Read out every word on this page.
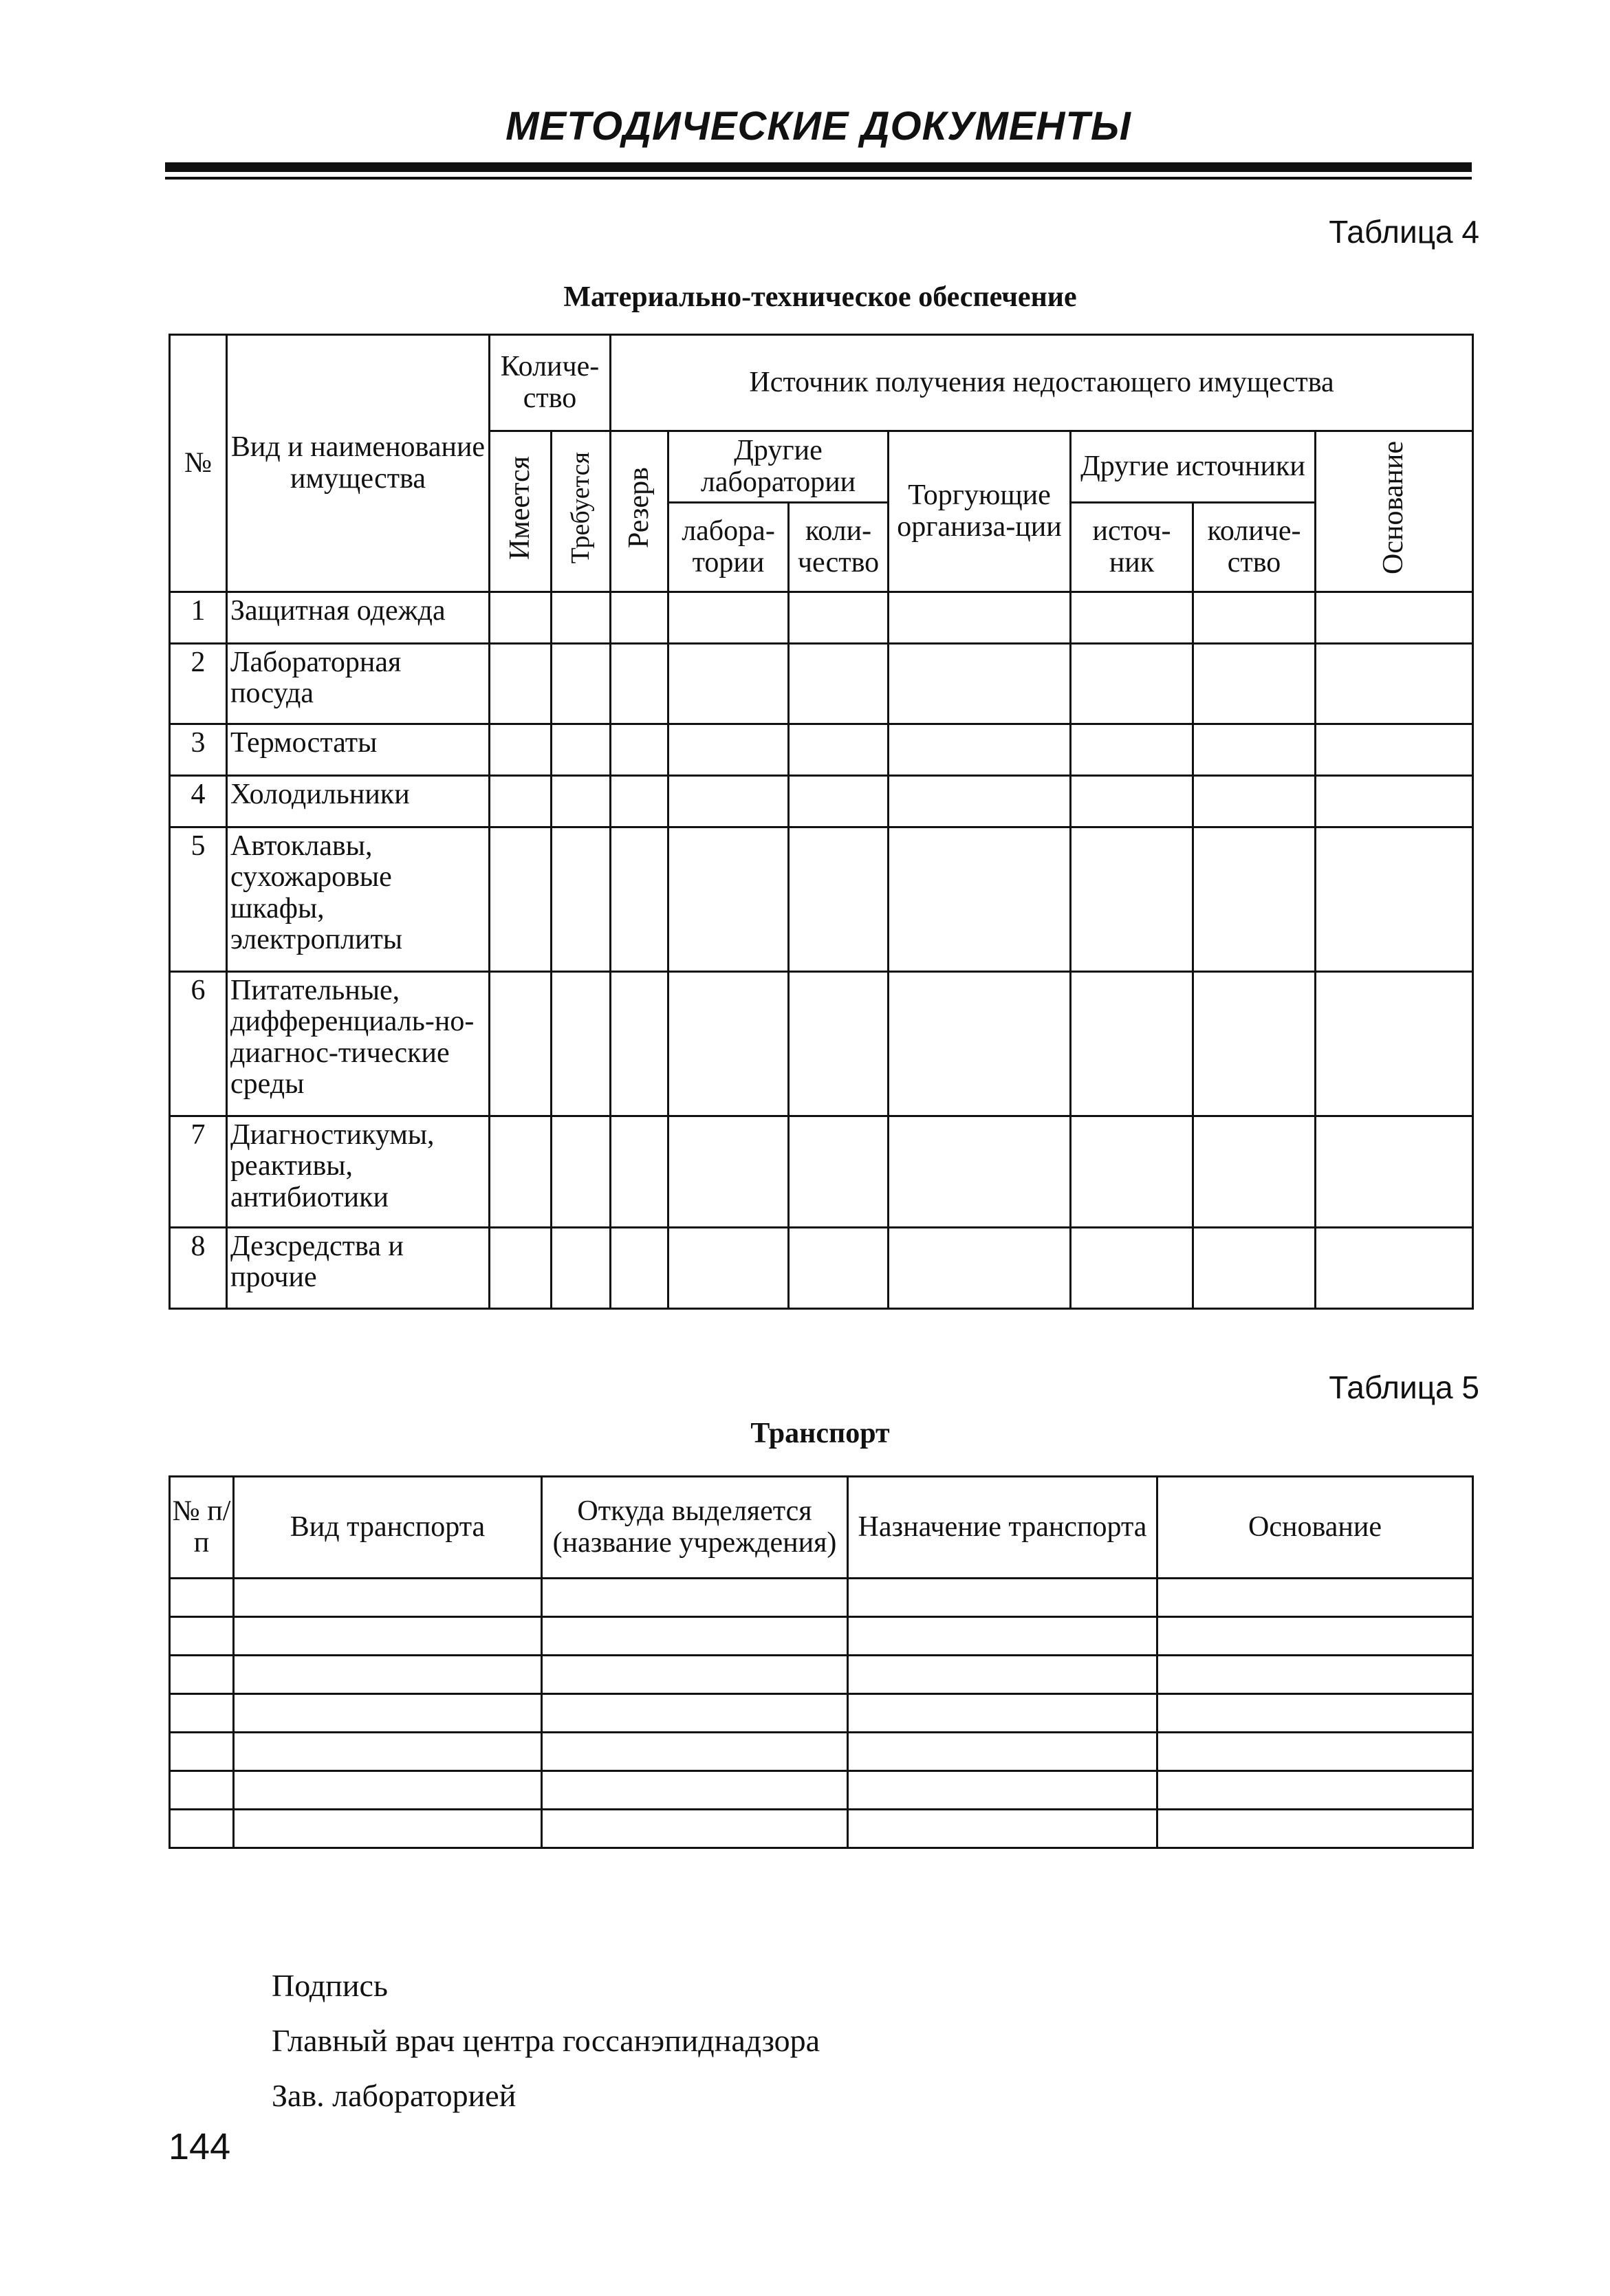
МЕТОДИЧЕСКИЕ ДОКУМЕНТЫ
Таблица 4
Материально-техническое обеспечение
№	Вид и наименование имущества	Количе-ство		Источник получения недостающего имущества						
		Имеется	Требуется	Резерв	Другие лаборатории		Торгующие организа-ции	Другие источники		Основание
					лабора-тории	коли-чество		источ-ник	количе-ство	
1	Защитная одежда									
2	Лабораторная посуда									
3	Термостаты									
4	Холодильники									
5	Автоклавы, сухожаровые шкафы, электроплиты									
6	Питательные, дифференциаль-но-диагнос-тические среды									
7	Диагностикумы, реактивы, антибиотики									
8	Дезсредства и прочие									
Таблица 5
Транспорт
№ п/п	Вид транспорта	Откуда выделяется (название учреждения)	Назначение транспорта	Основание

Подпись
Главный врач центра госсанэпиднадзора
Зав. лабораторией
144
